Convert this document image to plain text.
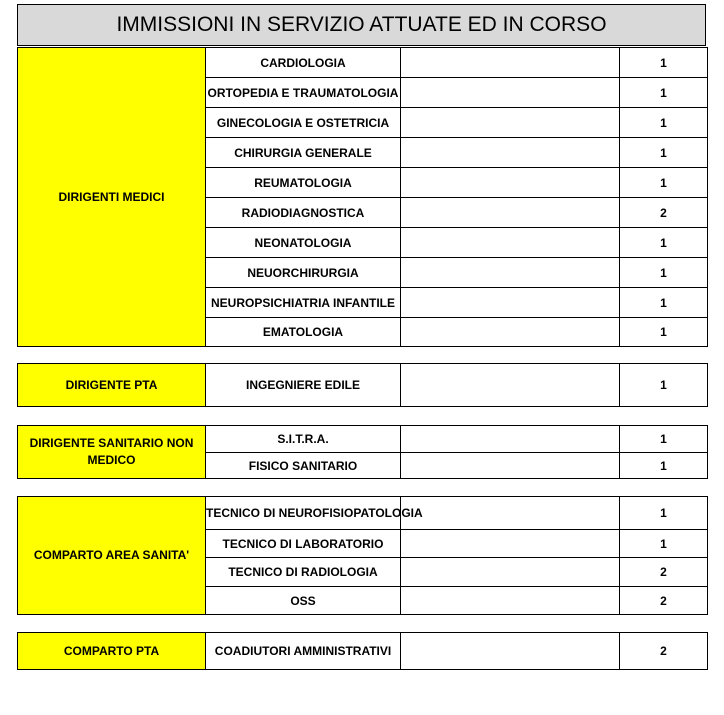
IMMISSIONI IN SERVIZIO ATTUATE ED IN CORSO
DIRIGENTI MEDICI	CARDIOLOGIA		1
	ORTOPEDIA E TRAUMATOLOGIA		1
	GINECOLOGIA E OSTETRICIA		1
	CHIRURGIA GENERALE		1
	REUMATOLOGIA		1
	RADIODIAGNOSTICA		2
	NEONATOLOGIA		1
	NEUORCHIRURGIA		1
	NEUROPSICHIATRIA INFANTILE		1
	EMATOLOGIA		1
DIRIGENTE PTA	INGEGNIERE EDILE		1
DIRIGENTE SANITARIO NON MEDICO	S.I.T.R.A.		1
	FISICO SANITARIO		1
COMPARTO AREA SANITA'	TECNICO DI NEUROFISIOPATOLOGIA		1
	TECNICO DI LABORATORIO		1
	TECNICO DI RADIOLOGIA		2
	OSS		2
COMPARTO PTA	COADIUTORI AMMINISTRATIVI		2
